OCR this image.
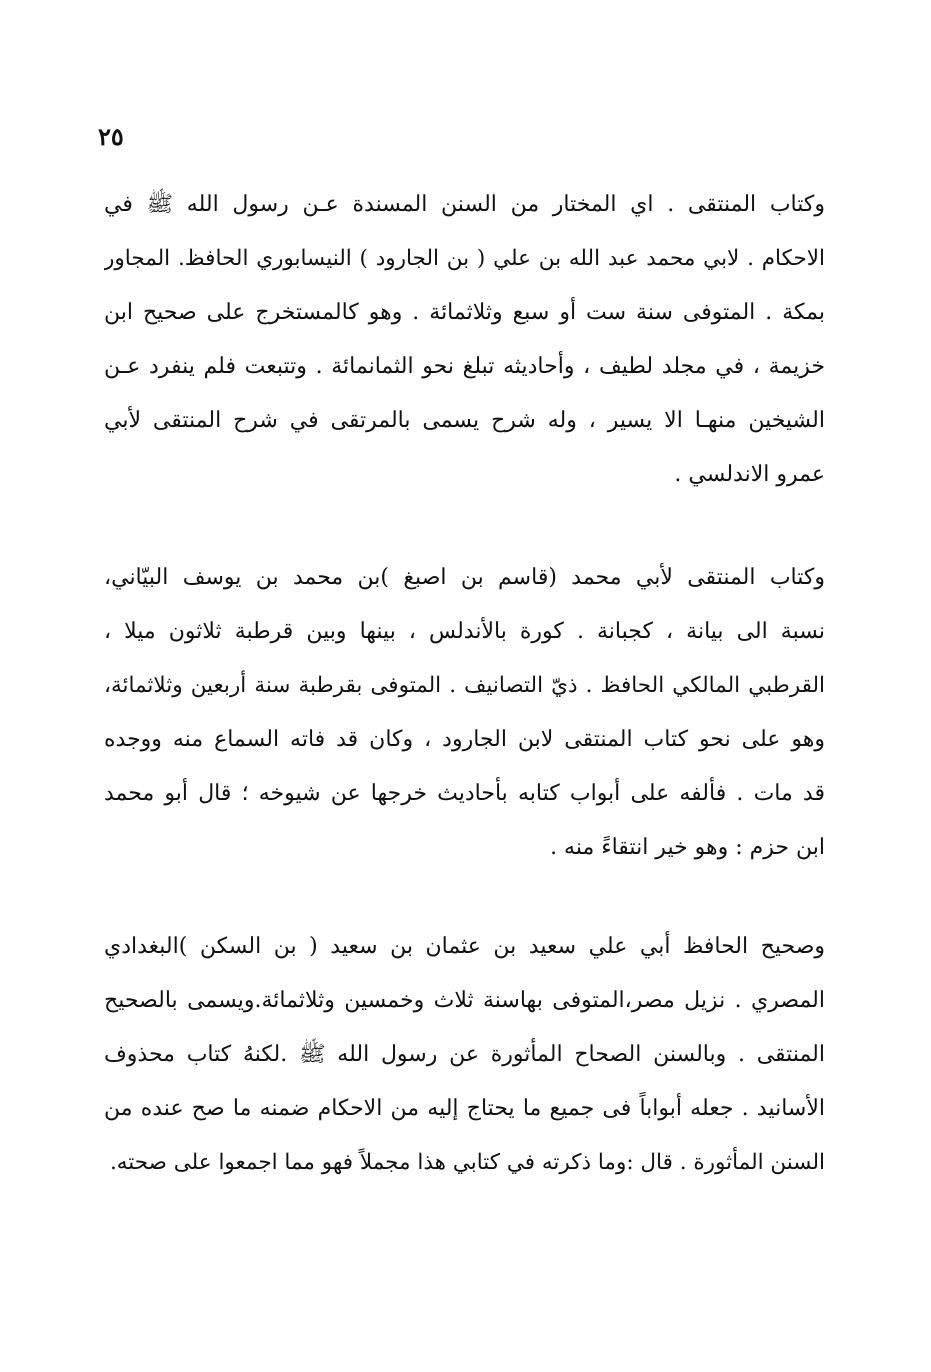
٢٥
وكتاب المنتقى . اي المختار من السنن المسندة عـن رسول الله ﷺ في
الاحكام . لابي محمد عبد الله بن علي ( بن الجارود ) النيسابوري الحافظ. المجاور
بمكة . المتوفى سنة ست أو سبع وثلاثمائة . وهو كالمستخرج على صحيح ابن
خزيمة ، في مجلد لطيف ، وأحاديثه تبلغ نحو الثمانمائة . وتتبعت فلم ينفرد عـن
الشيخين منهـا الا يسير ، وله شرح يسمى بالمرتقى في شرح المنتقى لأبي
عمرو الاندلسي .
وكتاب المنتقى لأبي محمد (قاسم بن اصبغ )بن محمد بن يوسف البيّاني،
نسبة الى بيانة ، كجبانة . كورة بالأندلس ، بينها وبين قرطبة ثلاثون ميلا ،
القرطبي المالكي الحافظ . ذيّ التصانيف . المتوفى بقرطبة سنة أربعين وثلاثمائة،
وهو على نحو كتاب المنتقى لابن الجارود ، وكان قد فاته السماع منه ووجده
قد مات . فألفه على أبواب كتابه بأحاديث خرجها عن شيوخه ؛ قال أبو محمد
ابن حزم : وهو خير انتقاءً منه .
وصحيح الحافظ أبي علي سعيد بن عثمان بن سعيد ( بن السكن )البغدادي
المصري . نزيل مصر،المتوفى بهاسنة ثلاث وخمسين وثلاثمائة.ويسمى بالصحيح
المنتقى . وبالسنن الصحاح المأثورة عن رسول الله ﷺ .لكنهُ كتاب محذوف
الأسانيد . جعله أبواباً فى جميع ما يحتاج إليه من الاحكام ضمنه ما صح عنده من
السنن المأثورة . قال :وما ذكرته في كتابي هذا مجملاً فهو مما اجمعوا على صحته.
